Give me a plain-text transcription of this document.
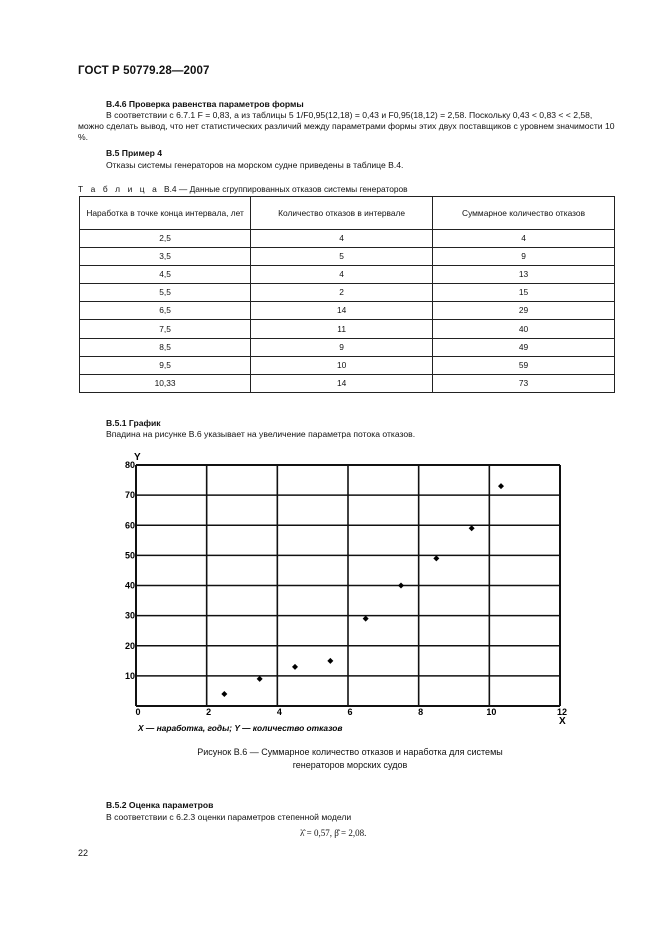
ГОСТ Р 50779.28—2007
В.4.6 Проверка равенства параметров формы
В соответствии с 6.7.1 F = 0,83, а из таблицы 5 1/F0,95(12,18) = 0,43 и F0,95(18,12) = 2,58. Поскольку 0,43 < 0,83 < < 2,58, можно сделать вывод, что нет статистических различий между параметрами формы этих двух поставщиков с уровнем значимости 10 %.
В.5 Пример 4
Отказы системы генераторов на морском судне приведены в таблице В.4.
Т а б л и ц а В.4 — Данные сгруппированных отказов системы генераторов
Наработка в точке конца интервала, лет	Количество отказов в интервале	Суммарное количество отказов
2,5	4	4
3,5	5	9
4,5	4	13
5,5	2	15
6,5	14	29
7,5	11	40
8,5	9	49
9,5	10	59
10,33	14	73
В.5.1 График
Впадина на рисунке В.6 указывает на увеличение параметра потока отказов.
0	2	4	6	8	10	12
10
20
30
40
50
60
70
80
Y
X
X — наработка, годы; Y — количество отказов
Рисунок В.6 — Суммарное количество отказов и наработка для системы
генераторов морских судов
В.5.2 Оценка параметров
В соответствии с 6.2.3 оценки параметров степенной модели
λ̂ = 0,57, β̂ = 2,08.
22
